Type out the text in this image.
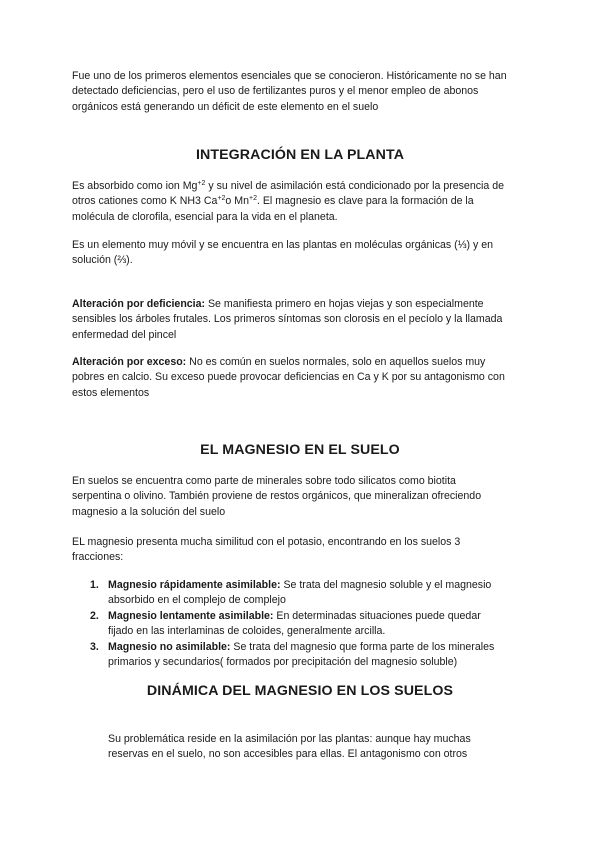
Fue uno de los primeros elementos esenciales que se conocieron. Históricamente no se han
detectado deficiencias, pero el uso de fertilizantes puros y el menor empleo de abonos
orgánicos está generando un déficit de este elemento en el suelo

INTEGRACIÓN EN LA PLANTA

Es absorbido como ion $Mg^{+2}$ y su nivel de asimilación está condicionado por la presencia de
otros cationes como K NH3 $Ca^{+2}o$ $Mn^{+2}$. El magnesio es clave para la formación de la
molécula de clorofila, esencial para la vida en el planeta.

Es un elemento muy móvil y se encuentra en las plantas en moléculas orgánicas (⅓) y en
solución (⅔).

Alteración por deficiencia: Se manifiesta primero en hojas viejas y son especialmente
sensibles los árboles frutales. Los primeros síntomas son clorosis en el pecíolo y la llamada
enfermedad del pincel

Alteración por exceso: No es común en suelos normales, solo en aquellos suelos muy
pobres en calcio. Su exceso puede provocar deficiencias en Ca y K por su antagonismo con
estos elementos

EL MAGNESIO EN EL SUELO

En suelos se encuentra como parte de minerales sobre todo silicatos como biotita
serpentina o olivino. También proviene de restos orgánicos, que mineralizan ofreciendo
magnesio a la solución del suelo

EL magnesio presenta mucha similitud con el potasio, encontrando en los suelos 3
fracciones:

1. Magnesio rápidamente asimilable: Se trata del magnesio soluble y el magnesio
absorbido en el complejo de complejo
2. Magnesio lentamente asimilable: En determinadas situaciones puede quedar
fijado en las interlaminas de coloides, generalmente arcilla.
3. Magnesio no asimilable: Se trata del magnesio que forma parte de los minerales
primarios y secundarios( formados por precipitación del magnesio soluble)
DINÁMICA DEL MAGNESIO EN LOS SUELOS

Su problemática reside en la asimilación por las plantas: aunque hay muchas
reservas en el suelo, no son accesibles para ellas. El antagonismo con otros
